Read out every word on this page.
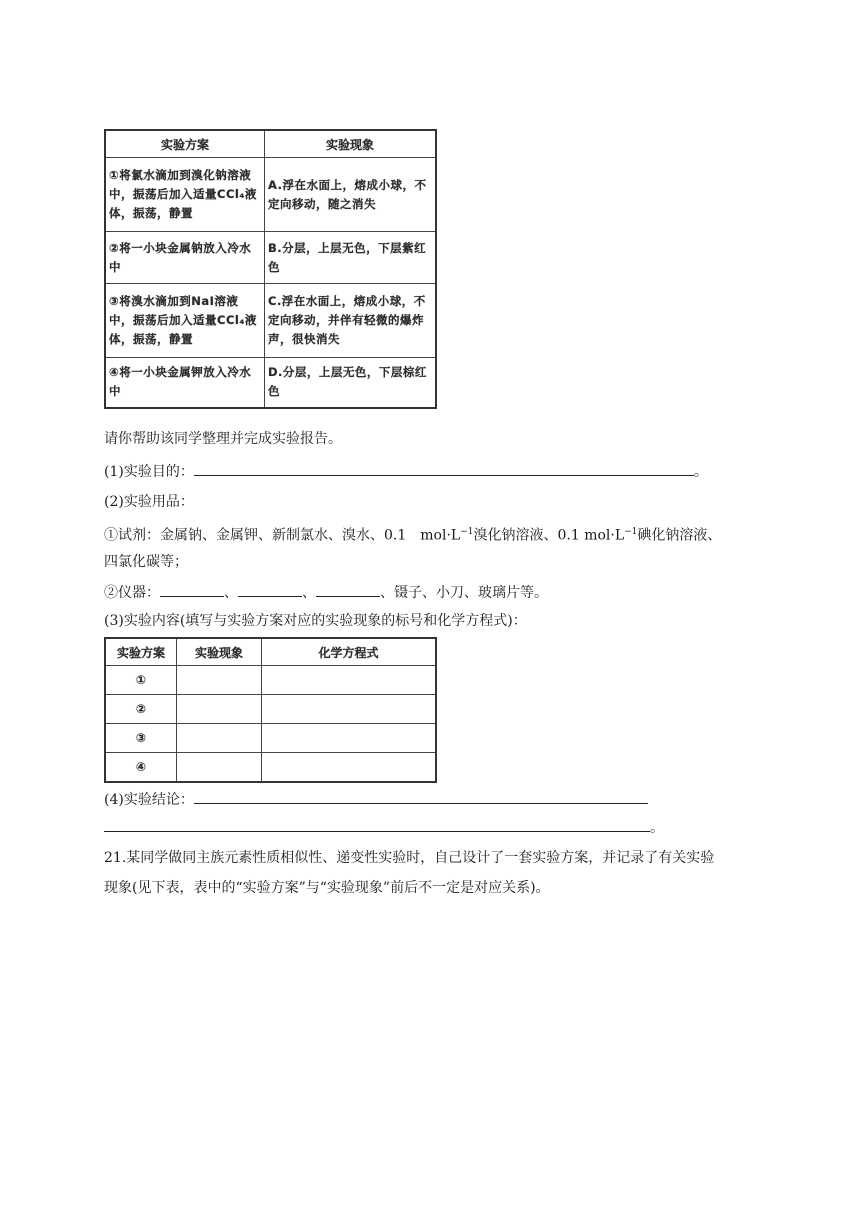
实验方案	实验现象
①将氯水滴加到溴化钠溶液中，振荡后加入适量CCl₄液体，振荡，静置	A.浮在水面上，熔成小球，不定向移动，随之消失
②将一小块金属钠放入冷水中	B.分层，上层无色，下层紫红色
③将溴水滴加到NaI溶液中，振荡后加入适量CCl₄液体，振荡，静置	C.浮在水面上，熔成小球，不定向移动，并伴有轻微的爆炸声，很快消失
④将一小块金属钾放入冷水中	D.分层，上层无色，下层棕红色
请你帮助该同学整理并完成实验报告。
(1)实验目的：	。
(2)实验用品：
①试剂：金属钠、金属钾、新制氯水、溴水、0.1　$mol\cdot L^{-1}$溴化钠溶液、0.1 $mol\cdot L^{-1}$碘化钠溶液、
四氯化碳等；
②仪器：	、	、	、镊子、小刀、玻璃片等。
(3)实验内容(填写与实验方案对应的实验现象的标号和化学方程式)：
实验方案	实验现象	化学方程式
①		
②		
③		
④		
(4)实验结论：
。
21.某同学做同主族元素性质相似性、递变性实验时，自己设计了一套实验方案，并记录了有关实验
现象(见下表，表中的“实验方案”与“实验现象”前后不一定是对应关系)。
